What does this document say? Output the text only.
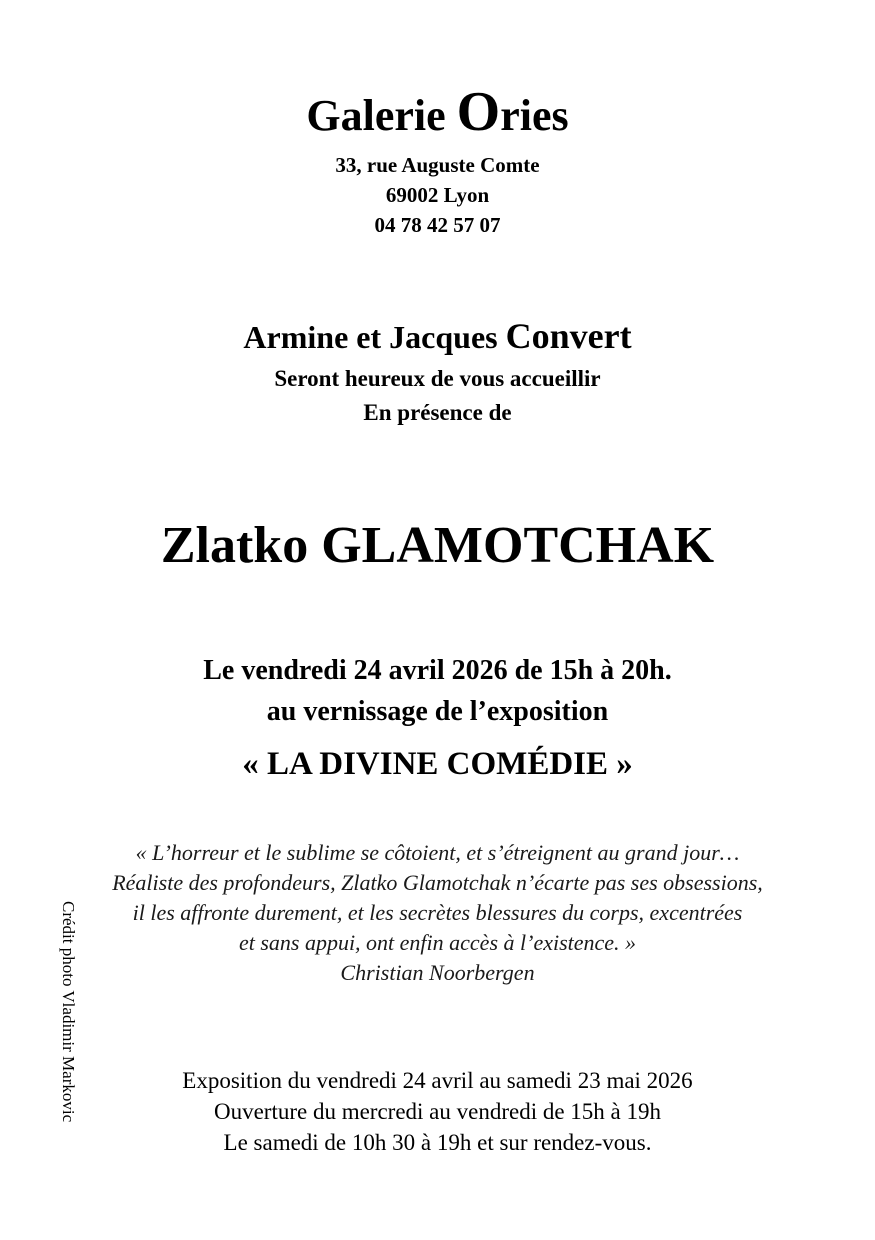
Galerie Ories
33, rue Auguste Comte
69002 Lyon
04 78 42 57 07
Armine et Jacques Convert
Seront heureux de vous accueillir
En présence de
Zlatko GLAMOTCHAK
Le vendredi 24 avril 2026 de 15h à 20h.
au vernissage de l’exposition
« LA DIVINE COMÉDIE »
« L’horreur et le sublime se côtoient, et s’étreignent au grand jour…
Réaliste des profondeurs, Zlatko Glamotchak n’écarte pas ses obsessions,
il les affronte durement, et les secrètes blessures du corps, excentrées
et sans appui, ont enfin accès à l’existence. »
Christian Noorbergen
Exposition du vendredi 24 avril au samedi 23 mai 2026
Ouverture du mercredi au vendredi de 15h à 19h
Le samedi de 10h 30 à 19h et sur rendez-vous.
Crédit photo Vladimir Markovic
